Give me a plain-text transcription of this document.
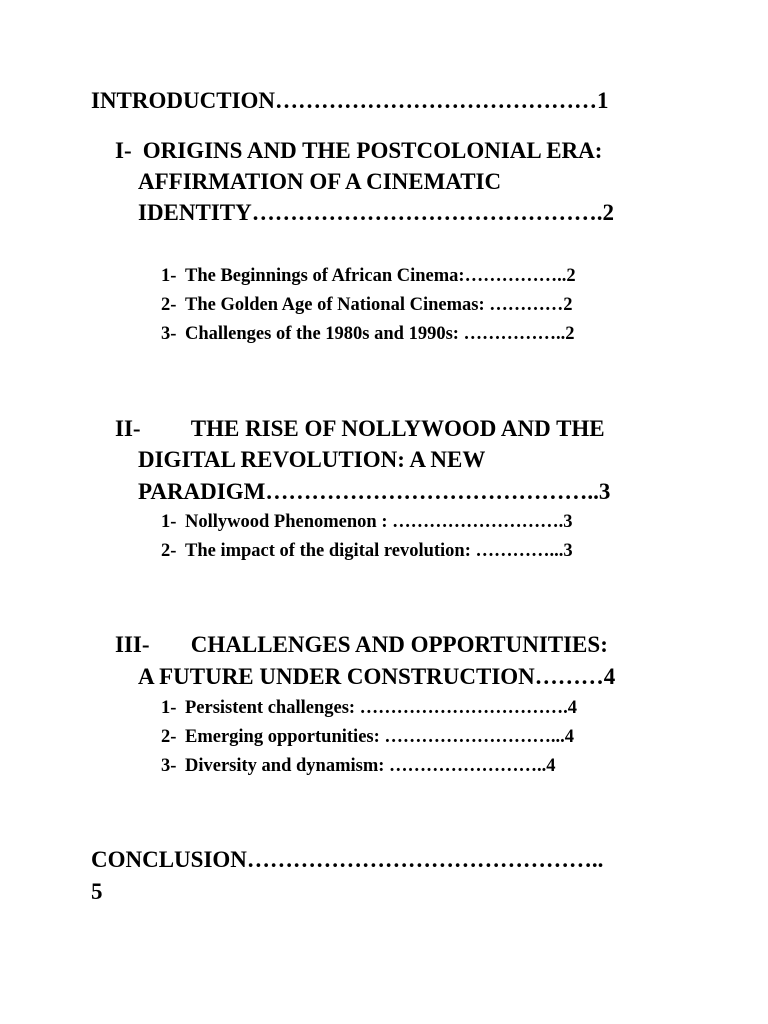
INTRODUCTION……………………………………1

I- ORIGINS AND THE POSTCOLONIAL ERA:

AFFIRMATION OF A CINEMATIC

IDENTITY……………………………………….2

1- The Beginnings of African Cinema:……………..2

2- The Golden Age of National Cinemas: …………2

3- Challenges of the 1980s and 1990s: ……………..2

II- THE RISE OF NOLLYWOOD AND THE

DIGITAL REVOLUTION: A NEW

PARADIGM……………………………………..3

1- Nollywood Phenomenon : ……………………….3

2- The impact of the digital revolution: …………...3

III- CHALLENGES AND OPPORTUNITIES:

A FUTURE UNDER CONSTRUCTION………4

1- Persistent challenges: …………………………….4

2- Emerging opportunities: ………………………...4

3- Diversity and dynamism: ……………………..4

CONCLUSION………………………………………..

5
